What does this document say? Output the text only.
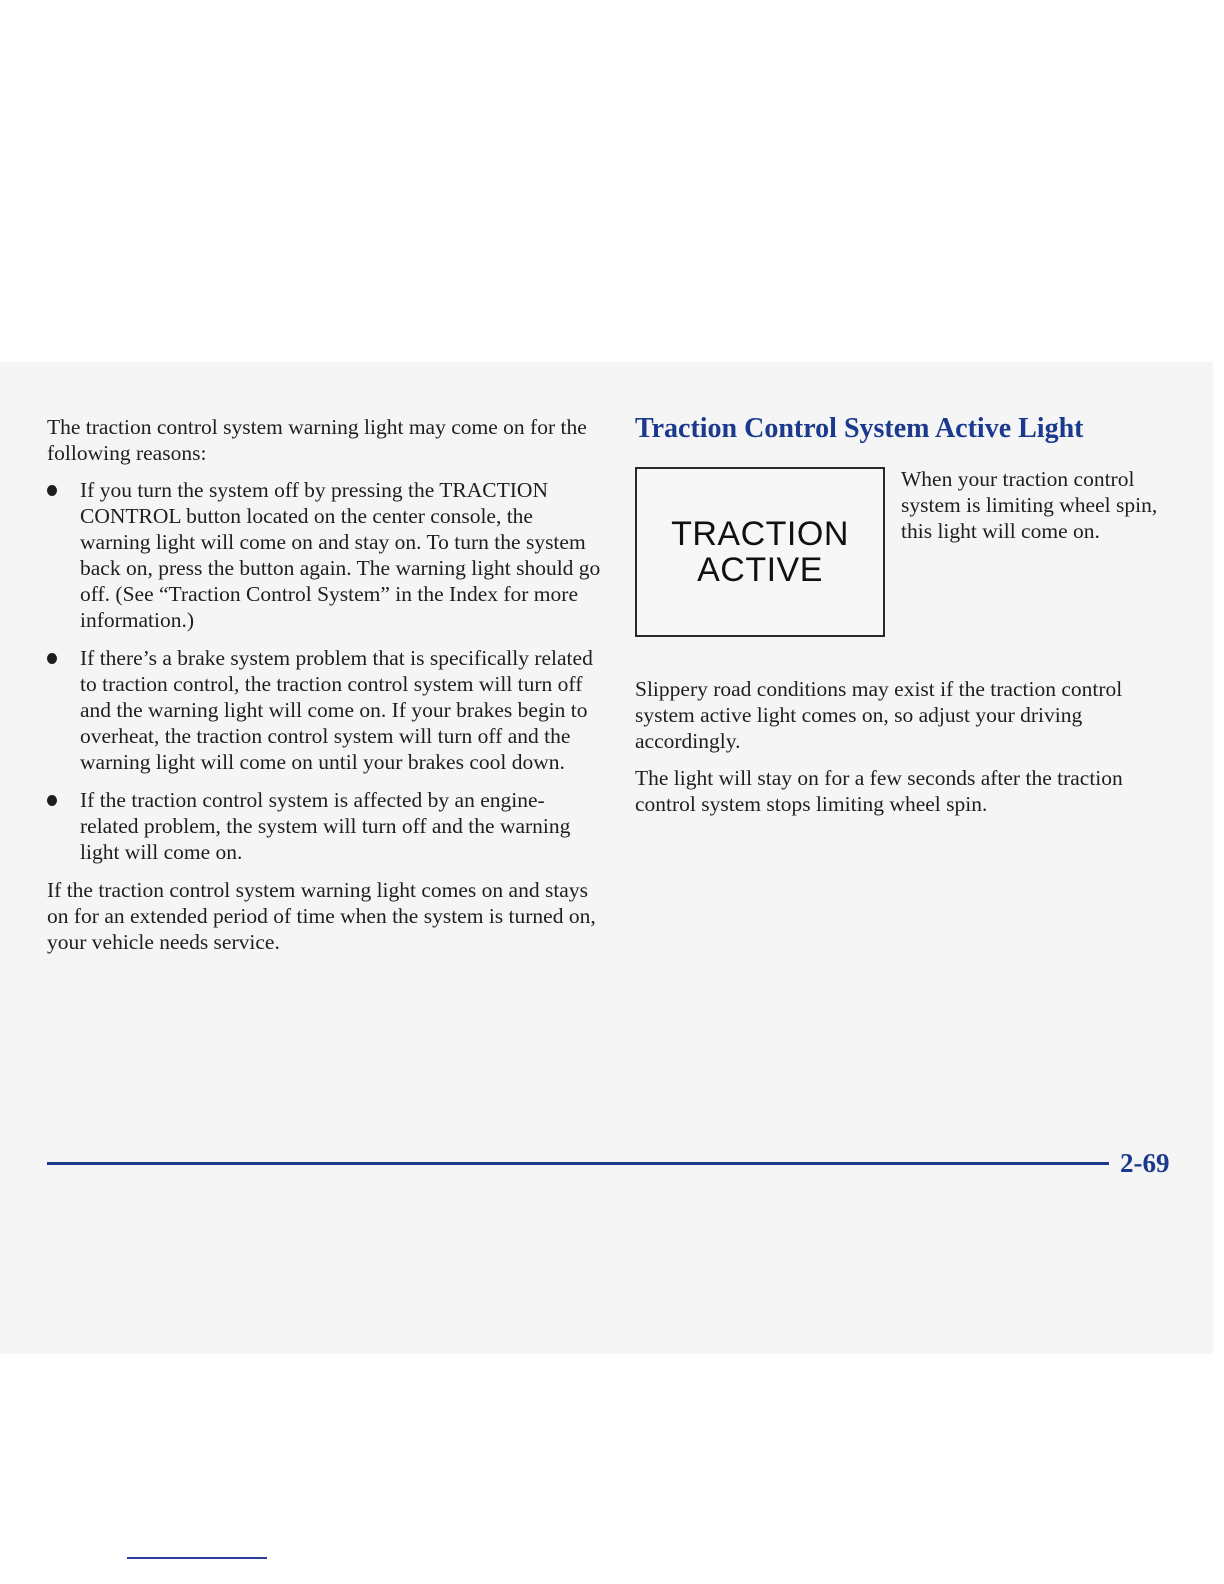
The traction control system warning light may come on for the following reasons:

If you turn the system off by pressing the TRACTION CONTROL button located on the center console, the warning light will come on and stay on. To turn the system back on, press the button again. The warning light should go off. (See “Traction Control System” in the Index for more information.)
If there’s a brake system problem that is specifically related to traction control, the traction control system will turn off and the warning light will come on. If your brakes begin to overheat, the traction control system will turn off and the warning light will come on until your brakes cool down.
If the traction control system is affected by an engine-related problem, the system will turn off and the warning light will come on.

If the traction control system warning light comes on and stays on for an extended period of time when the system is turned on, your vehicle needs service.

Traction Control System Active Light
TRACTION
ACTIVE

When your traction control system is limiting wheel spin, this light will come on.

Slippery road conditions may exist if the traction control system active light comes on, so adjust your driving accordingly.

The light will stay on for a few seconds after the traction control system stops limiting wheel spin.

2-69
